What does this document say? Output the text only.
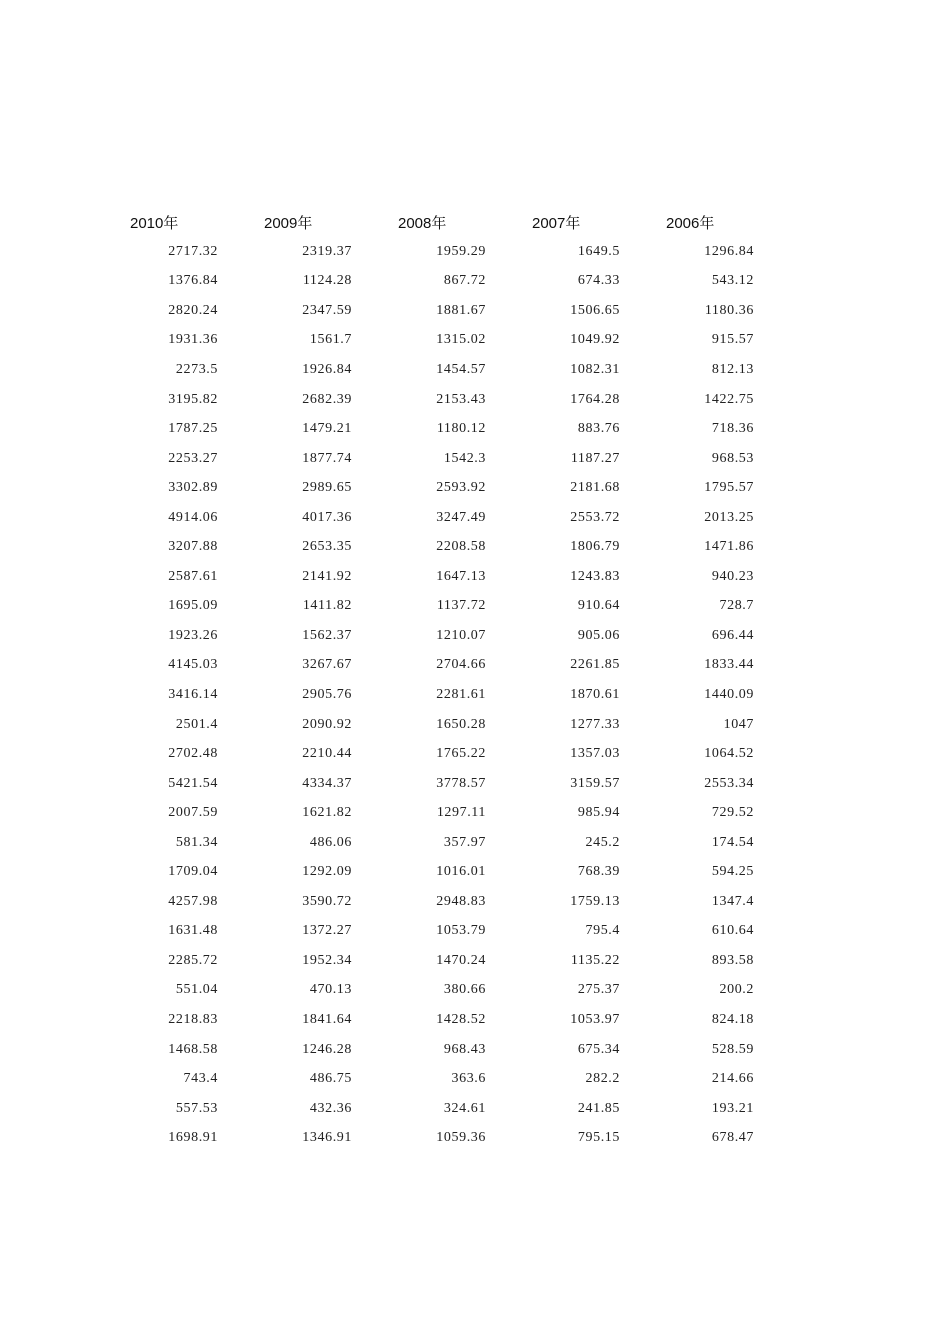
2010年	2009年	2008年	2007年	2006年
2717.32	2319.37	1959.29	1649.5	1296.84
1376.84	1124.28	867.72	674.33	543.12
2820.24	2347.59	1881.67	1506.65	1180.36
1931.36	1561.7	1315.02	1049.92	915.57
2273.5	1926.84	1454.57	1082.31	812.13
3195.82	2682.39	2153.43	1764.28	1422.75
1787.25	1479.21	1180.12	883.76	718.36
2253.27	1877.74	1542.3	1187.27	968.53
3302.89	2989.65	2593.92	2181.68	1795.57
4914.06	4017.36	3247.49	2553.72	2013.25
3207.88	2653.35	2208.58	1806.79	1471.86
2587.61	2141.92	1647.13	1243.83	940.23
1695.09	1411.82	1137.72	910.64	728.7
1923.26	1562.37	1210.07	905.06	696.44
4145.03	3267.67	2704.66	2261.85	1833.44
3416.14	2905.76	2281.61	1870.61	1440.09
2501.4	2090.92	1650.28	1277.33	1047
2702.48	2210.44	1765.22	1357.03	1064.52
5421.54	4334.37	3778.57	3159.57	2553.34
2007.59	1621.82	1297.11	985.94	729.52
581.34	486.06	357.97	245.2	174.54
1709.04	1292.09	1016.01	768.39	594.25
4257.98	3590.72	2948.83	1759.13	1347.4
1631.48	1372.27	1053.79	795.4	610.64
2285.72	1952.34	1470.24	1135.22	893.58
551.04	470.13	380.66	275.37	200.2
2218.83	1841.64	1428.52	1053.97	824.18
1468.58	1246.28	968.43	675.34	528.59
743.4	486.75	363.6	282.2	214.66
557.53	432.36	324.61	241.85	193.21
1698.91	1346.91	1059.36	795.15	678.47
